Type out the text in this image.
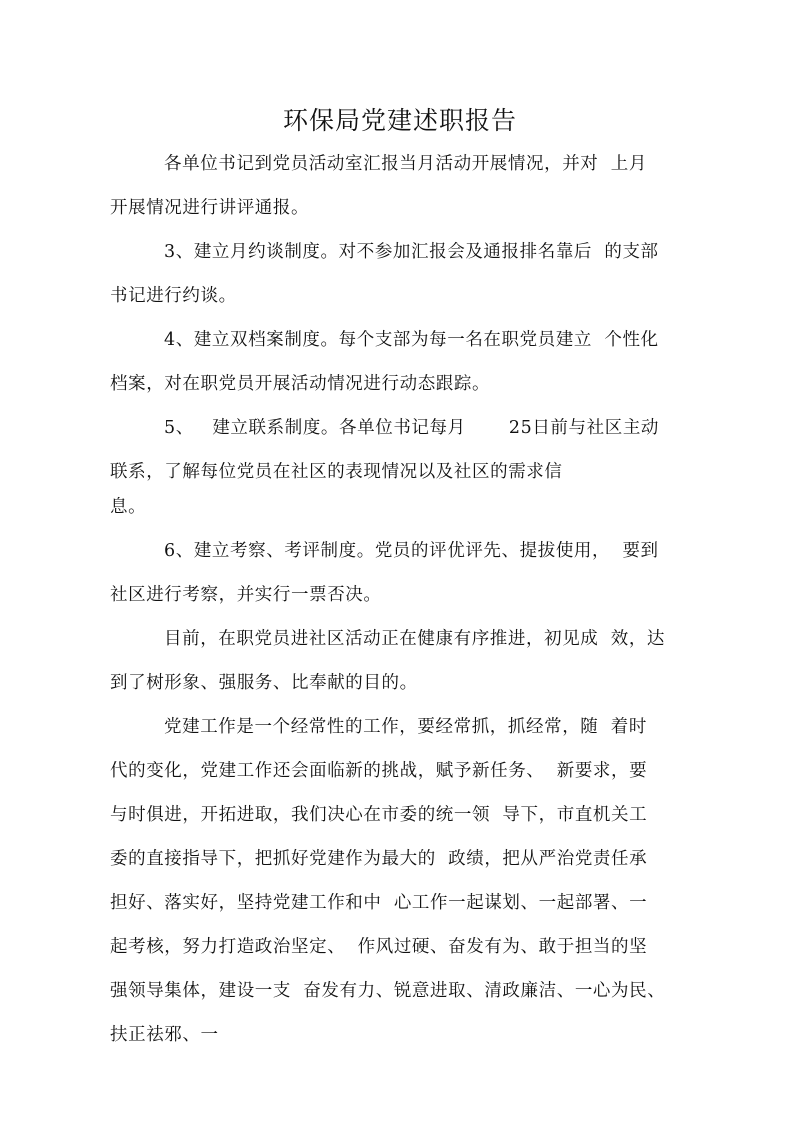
环保局党建述职报告
各单位书记到党员活动室汇报当月活动开展情况，并对  上月
开展情况进行讲评通报。
3、建立月约谈制度。对不参加汇报会及通报排名靠后  的支部
书记进行约谈。
4、建立双档案制度。每个支部为每一名在职党员建立  个性化
档案，对在职党员开展活动情况进行动态跟踪。
5、   建立联系制度。各单位书记每月       25日前与社区主动
联系，了解每位党员在社区的表现情况以及社区的需求信
息。
6、建立考察、考评制度。党员的评优评先、提拔使用，  要到
社区进行考察，并实行一票否决。
目前，在职党员进社区活动正在健康有序推进，初见成  效，达
到了树形象、强服务、比奉献的目的。
党建工作是一个经常性的工作，要经常抓，抓经常，随  着时
代的变化，党建工作还会面临新的挑战，赋予新任务、  新要求，要
与时俱进，开拓进取，我们决心在市委的统一领  导下，市直机关工
委的直接指导下，把抓好党建作为最大的  政绩，把从严治党责任承
担好、落实好，坚持党建工作和中  心工作一起谋划、一起部署、一
起考核，努力打造政治坚定、  作风过硬、奋发有为、敢于担当的坚
强领导集体，建设一支  奋发有力、锐意进取、清政廉洁、一心为民、
扶正祛邪、一
